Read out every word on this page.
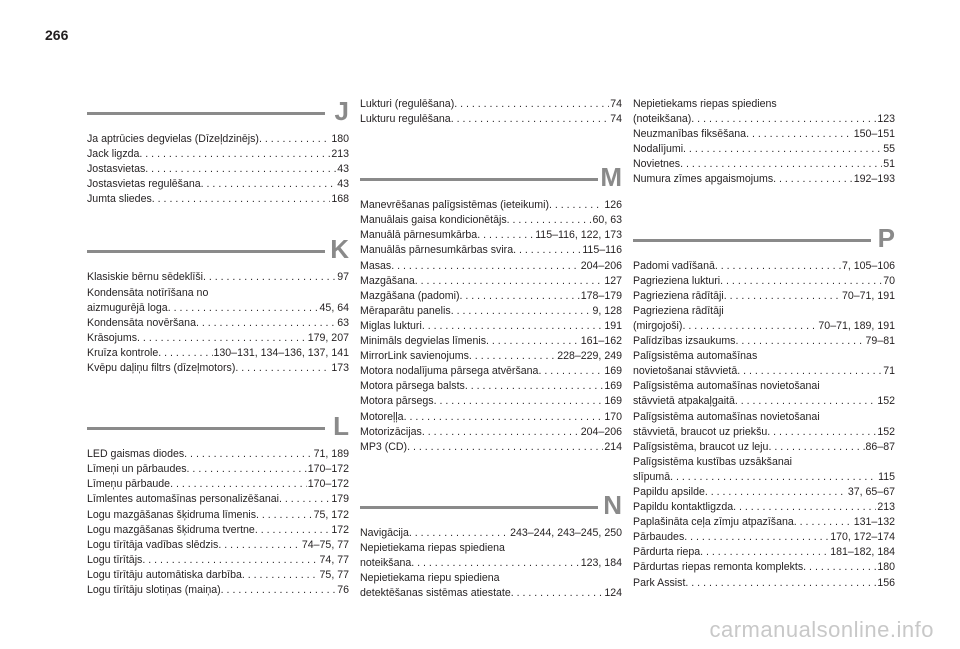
266
J
Ja aptrūcies degvielas (Dīzeļdzinējs) . . .	180
Jack ligzda . . .	213
Jostasvietas . . .	43
Jostasvietas regulēšana . . .	43
Jumta sliedes . . .	168
K
Klasiskie bērnu sēdeklīši . . .	97
Kondensāta notīrīšana no
aizmugurējā loga . . .	45, 64
Kondensāta novēršana . . .	63
Krāsojums . . .	179, 207
Kruīza kontrole . . .	130–131, 134–136, 137, 141
Kvēpu daļiņu filtrs (dīzeļmotors) . . .	173
L
LED gaismas diodes . . .	71, 189
Līmeņi un pārbaudes . . .	170–172
Līmeņu pārbaude . . .	170–172
Līmlentes automašīnas personalizēšanai . . .	179
Logu mazgāšanas šķidruma līmenis . . .	75, 172
Logu mazgāšanas šķidruma tvertne . . .	172
Logu tīrītāja vadības slēdzis . . .	74–75, 77
Logu tīrītājs . . .	74, 77
Logu tīrītāju automātiska darbība . . .	75, 77
Logu tīrītāju slotiņas (maiņa) . . .	76
Lukturi (regulēšana) . . .	74
Lukturu regulēšana . . .	74
M
Manevrēšanas palīgsistēmas (ieteikumi) . . .	126
Manuālais gaisa kondicionētājs . . .	60, 63
Manuālā pārnesumkārba . . .	115–116, 122, 173
Manuālās pārnesumkārbas svira . . .	115–116
Masas . . .	204–206
Mazgāšana . . .	127
Mazgāšana (padomi) . . .	178–179
Mēraparātu panelis . . .	9, 128
Miglas lukturi . . .	191
Minimāls degvielas līmenis . . .	161–162
MirrorLink savienojums . . .	228–229, 249
Motora nodalījuma pārsega atvēršana . . .	169
Motora pārsega balsts . . .	169
Motora pārsegs . . .	169
Motoreļļa . . .	170
Motorizācijas . . .	204–206
MP3 (CD) . . .	214
N
Navigācija . . .	243–244, 243–245, 250
Nepietiekama riepas spiediena
noteikšana . . .	123, 184
Nepietiekama riepu spiediena
detektēšanas sistēmas atiestate . . .	124
Nepietiekams riepas spiediens
(noteikšana) . . .	123
Neuzmanības fiksēšana . . .	150–151
Nodalījumi . . .	55
Novietnes . . .	51
Numura zīmes apgaismojums . . .	192–193
P
Padomi vadīšanā . . .	7, 105–106
Pagrieziena lukturi . . .	70
Pagrieziena rādītāji . . .	70–71, 191
Pagrieziena rādītāji
(mirgojoši) . . .	70–71, 189, 191
Palīdzības izsaukums . . .	79–81
Palīgsistēma automašīnas
novietošanai stāvvietā . . .	71
Palīgsistēma automašīnas novietošanai
stāvvietā atpakaļgaitā . . .	152
Palīgsistēma automašīnas novietošanai
stāvvietā, braucot uz priekšu . . .	152
Palīgsistēma, braucot uz leju . . .	86–87
Palīgsistēma kustības uzsākšanai
slīpumā . . .	115
Papildu apsilde . . .	37, 65–67
Papildu kontaktligzda . . .	213
Paplašināta ceļa zīmju atpazīšana . . .	131–132
Pārbaudes . . .	170, 172–174
Pārdurta riepa . . .	181–182, 184
Pārdurtas riepas remonta komplekts . . .	180
Park Assist . . .	156
carmanualsonline.info
